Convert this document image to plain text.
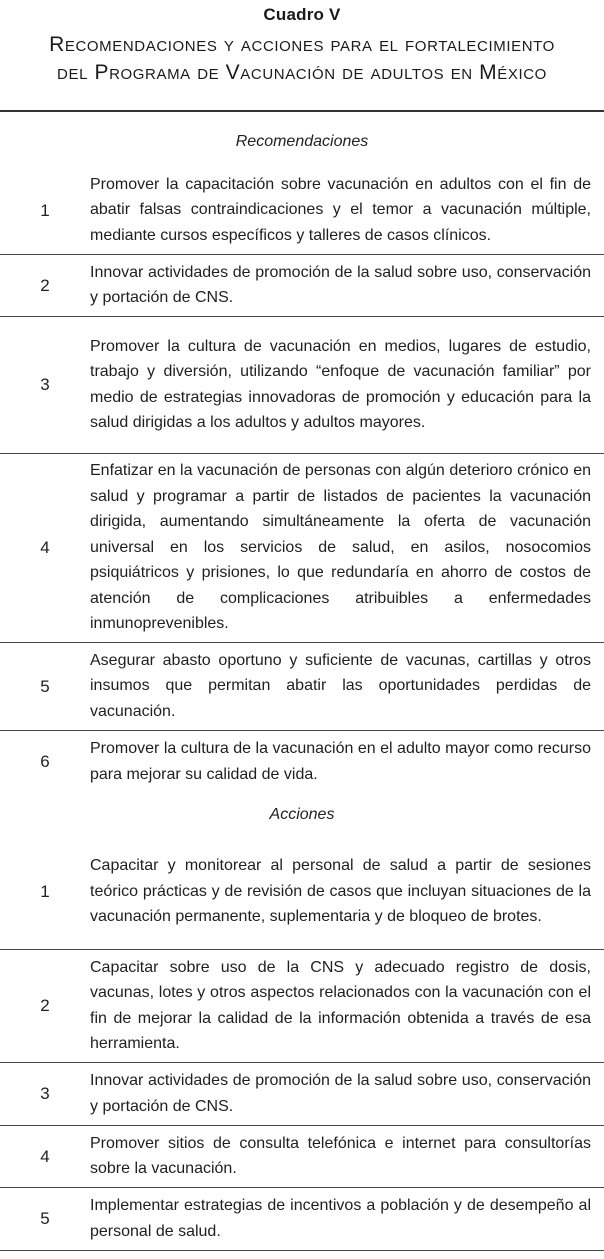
Cuadro V
Recomendaciones y acciones para el fortalecimiento
del Programa de Vacunación de adultos en México
Recomendaciones
1
Promover la capacitación sobre vacunación en adultos con el fin de abatir falsas contraindicaciones y el temor a vacunación múltiple, mediante cursos específicos y talleres de casos clínicos.
2
Innovar actividades de promoción de la salud sobre uso, conservación y portación de CNS.
3
Promover la cultura de vacunación en medios, lugares de estudio, trabajo y diversión, utilizando “enfoque de vacunación familiar” por medio de estrategias innovadoras de promoción y educación para la salud dirigidas a los adultos y adultos mayores.
4
Enfatizar en la vacunación de personas con algún deterioro crónico en salud y programar a partir de listados de pacientes la vacunación dirigida, aumentando simultáneamente la oferta de vacunación universal en los servicios de salud, en asilos, nosocomios psiquiátricos y prisiones, lo que redundaría en ahorro de costos de atención de complicaciones atribuibles a enfermedades inmunoprevenibles.
5
Asegurar abasto oportuno y suficiente de vacunas, cartillas y otros insumos que permitan abatir las oportunidades perdidas de vacunación.
6
Promover la cultura de la vacunación en el adulto mayor como recurso para mejorar su calidad de vida.
Acciones
1
Capacitar y monitorear al personal de salud a partir de sesiones teórico prácticas y de revisión de casos que incluyan situaciones de la vacunación permanente, suplementaria y de bloqueo de brotes.
2
Capacitar sobre uso de la CNS y adecuado registro de dosis, vacunas, lotes y otros aspectos relacionados con la vacunación con el fin de mejorar la calidad de la información obtenida a través de esa herramienta.
3
Innovar actividades de promoción de la salud sobre uso, conservación y portación de CNS.
4
Promover sitios de consulta telefónica e internet para consultorías sobre la vacunación.
5
Implementar estrategias de incentivos a población y de desempeño al personal de salud.
